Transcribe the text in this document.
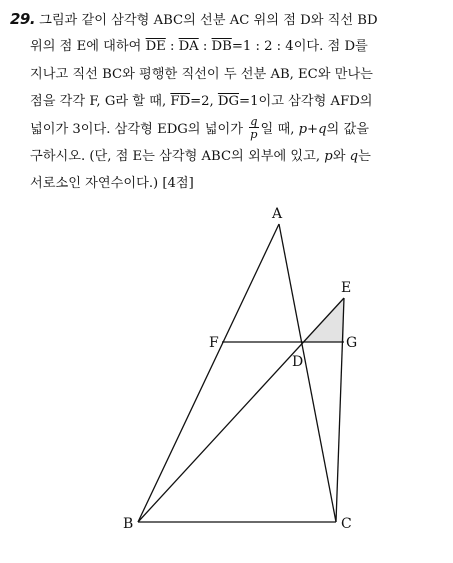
29. 그림과 같이 삼각형 ABC의 선분 AC 위의 점 D와 직선 BD
위의 점 E에 대하여 $\overline{DE}$ : $\overline{DA}$ : $\overline{DB}=1$ : 2 : 4이다. 점 D를
지나고 직선 BC와 평행한 직선이 두 선분 AB, EC와 만나는
점을 각각 F, G라 할 때, $\overline{FD}=2$, $\overline{DG}=1$이고 삼각형 AFD의
넓이가 3이다. 삼각형 EDG의 넓이가 $\frac{q}{p}$ 일 때, p+q의 값을
구하시오. (단, 점 E는 삼각형 ABC의 외부에 있고, p와 q는
서로소인 자연수이다.) [4점]
A
B	C
D
E
F	G
